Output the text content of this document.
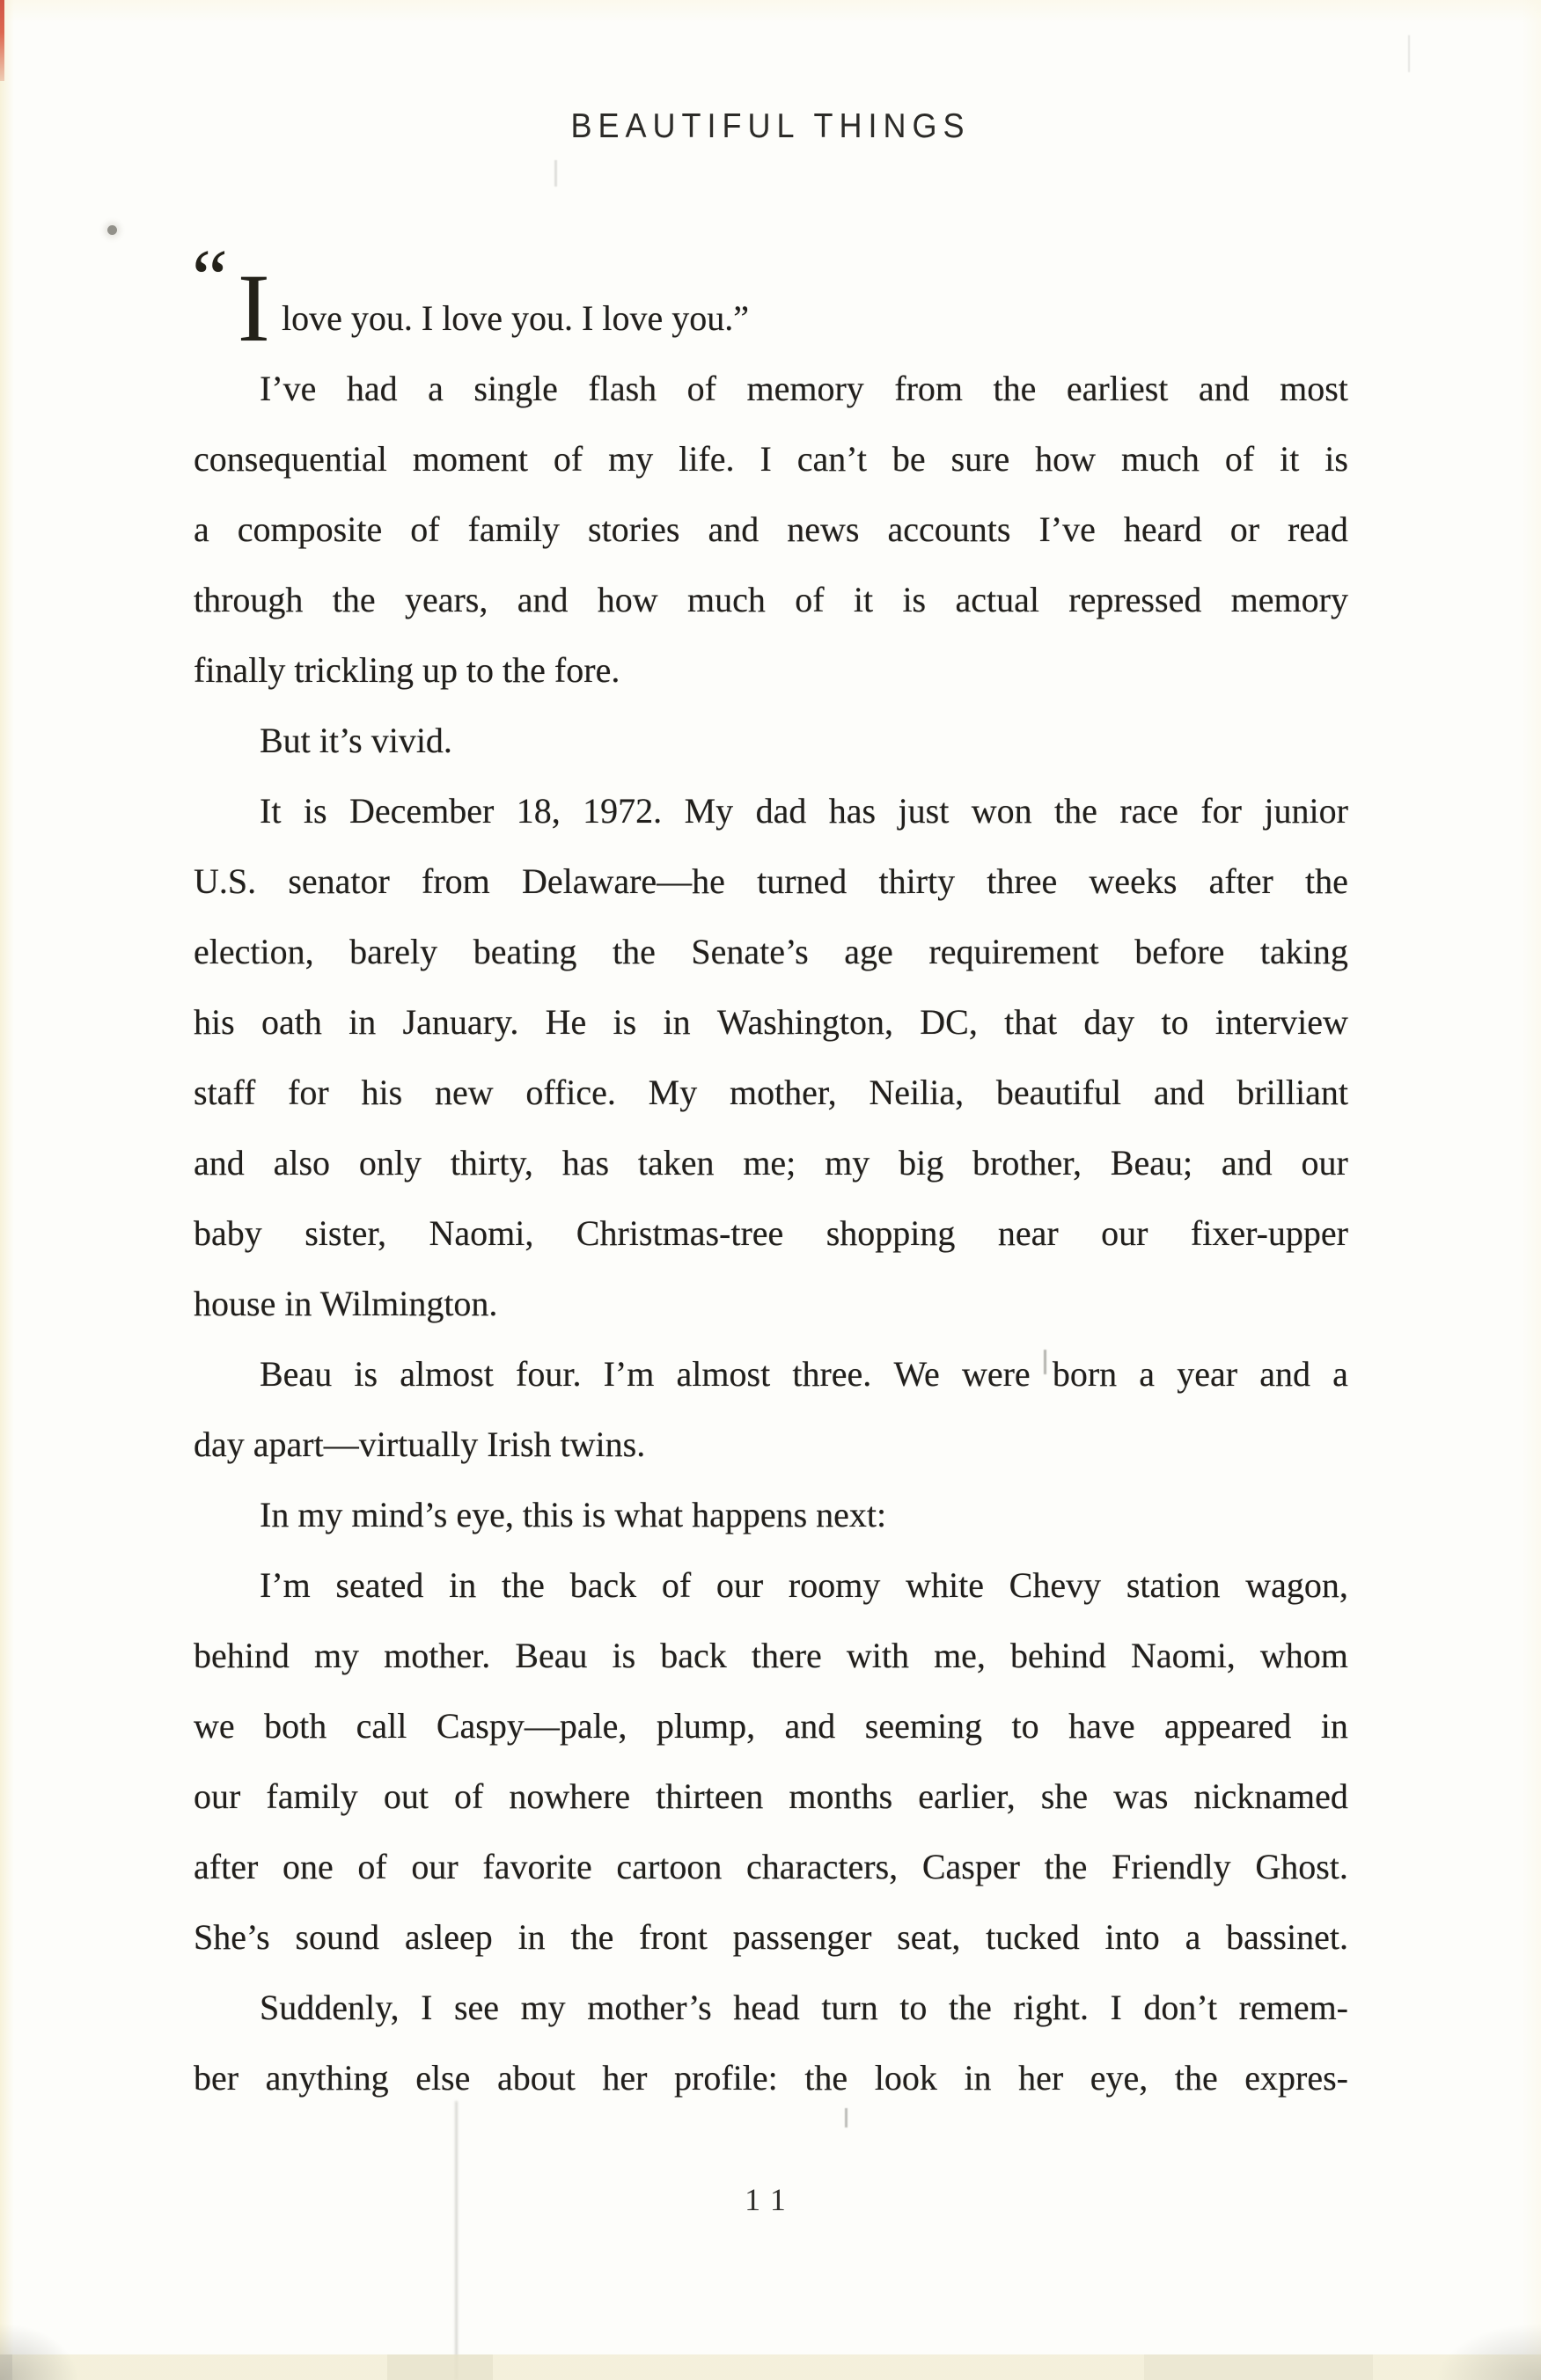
BEAUTIFUL THINGS
“ I love you. I love you. I love you.”
I’ve had a single flash of memory from the earliest and most
consequential moment of my life. I can’t be sure how much of it is
a composite of family stories and news accounts I’ve heard or read
through the years, and how much of it is actual repressed memory
finally trickling up to the fore.
But it’s vivid.
It is December 18, 1972. My dad has just won the race for junior
U.S. senator from Delaware—he turned thirty three weeks after the
election, barely beating the Senate’s age requirement before taking
his oath in January. He is in Washington, DC, that day to interview
staff for his new office. My mother, Neilia, beautiful and brilliant
and also only thirty, has taken me; my big brother, Beau; and our
baby sister, Naomi, Christmas-tree shopping near our fixer-upper
house in Wilmington.
Beau is almost four. I’m almost three. We were born a year and a
day apart—virtually Irish twins.
In my mind’s eye, this is what happens next:
I’m seated in the back of our roomy white Chevy station wagon,
behind my mother. Beau is back there with me, behind Naomi, whom
we both call Caspy—pale, plump, and seeming to have appeared in
our family out of nowhere thirteen months earlier, she was nicknamed
after one of our favorite cartoon characters, Casper the Friendly Ghost.
She’s sound asleep in the front passenger seat, tucked into a bassinet.
Suddenly, I see my mother’s head turn to the right. I don’t remem-
ber anything else about her profile: the look in her eye, the expres-
11
